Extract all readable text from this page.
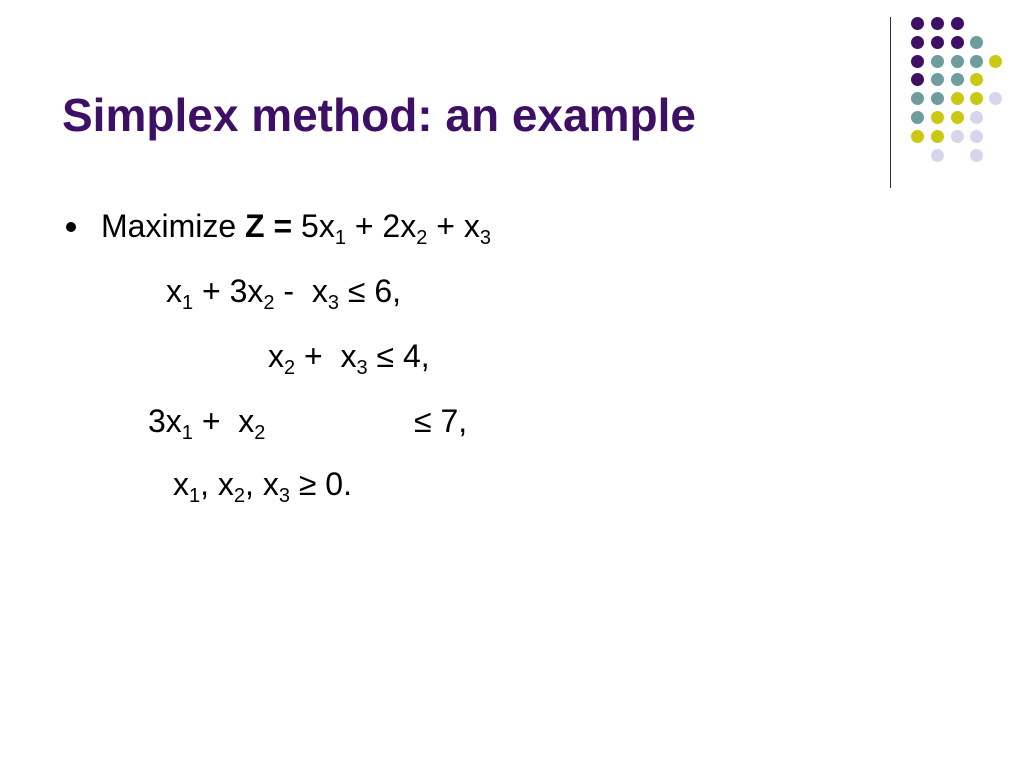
Simplex method: an example

Maximize $Z = 5x_1 + 2x_2 + x_3$

$x_1 + 3x_2 - x_3 \le 6$,

$x_2 + x_3 \le 4$,

$3x_1 + x_2$	≤ 7,

$x_1$, $x_2$, $x_3 \ge 0$.
